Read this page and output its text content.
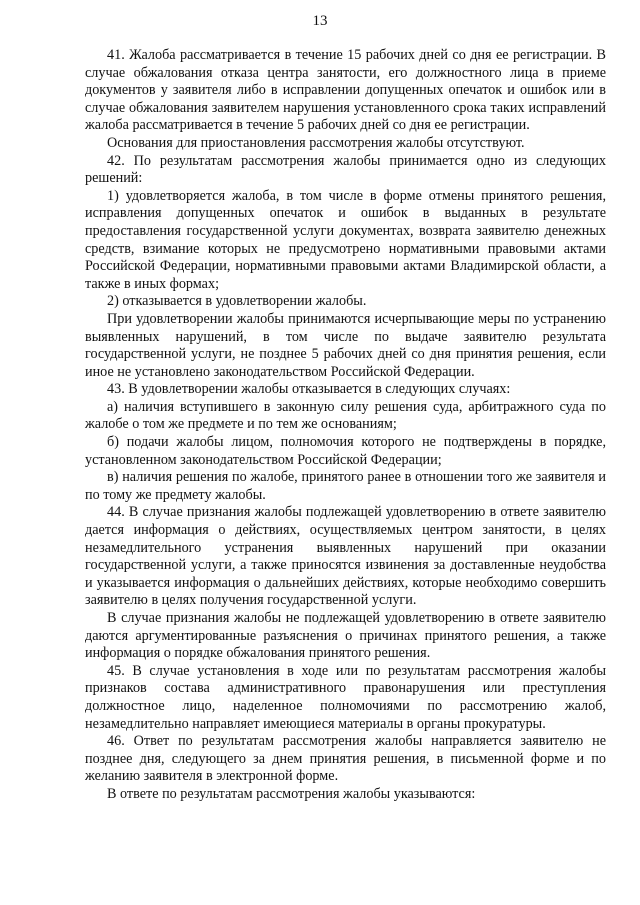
13

41. Жалоба рассматривается в течение 15 рабочих дней со дня ее регистрации. В случае обжалования отказа центра занятости, его должностного лица в приеме документов у заявителя либо в исправлении допущенных опечаток и ошибок или в случае обжалования заявителем нарушения установленного срока таких исправлений жалоба рассматривается в течение 5 рабочих дней со дня ее регистрации.

Основания для приостановления рассмотрения жалобы отсутствуют.

42. По результатам рассмотрения жалобы принимается одно из следующих решений:

1) удовлетворяется жалоба, в том числе в форме отмены принятого решения, исправления допущенных опечаток и ошибок в выданных в результате предоставления государственной услуги документах, возврата заявителю денежных средств, взимание которых не предусмотрено нормативными правовыми актами Российской Федерации, нормативными правовыми актами Владимирской области, а также в иных формах;

2) отказывается в удовлетворении жалобы.

При удовлетворении жалобы принимаются исчерпывающие меры по устранению выявленных нарушений, в том числе по выдаче заявителю результата государственной услуги, не позднее 5 рабочих дней со дня принятия решения, если иное не установлено законодательством Российской Федерации.

43. В удовлетворении жалобы отказывается в следующих случаях:

а) наличия вступившего в законную силу решения суда, арбитражного суда по жалобе о том же предмете и по тем же основаниям;

б) подачи жалобы лицом, полномочия которого не подтверждены в порядке, установленном законодательством Российской Федерации;

в) наличия решения по жалобе, принятого ранее в отношении того же заявителя и по тому же предмету жалобы.

44. В случае признания жалобы подлежащей удовлетворению в ответе заявителю дается информация о действиях, осуществляемых центром занятости, в целях незамедлительного устранения выявленных нарушений при оказании государственной услуги, а также приносятся извинения за доставленные неудобства и указывается информация о дальнейших действиях, которые необходимо совершить заявителю в целях получения государственной услуги.

В случае признания жалобы не подлежащей удовлетворению в ответе заявителю даются аргументированные разъяснения о причинах принятого решения, а также информация о порядке обжалования принятого решения.

45. В случае установления в ходе или по результатам рассмотрения жалобы признаков состава административного правонарушения или преступления должностное лицо, наделенное полномочиями по рассмотрению жалоб, незамедлительно направляет имеющиеся материалы в органы прокуратуры.

46. Ответ по результатам рассмотрения жалобы направляется заявителю не позднее дня, следующего за днем принятия решения, в письменной форме и по желанию заявителя в электронной форме.

В ответе по результатам рассмотрения жалобы указываются:
